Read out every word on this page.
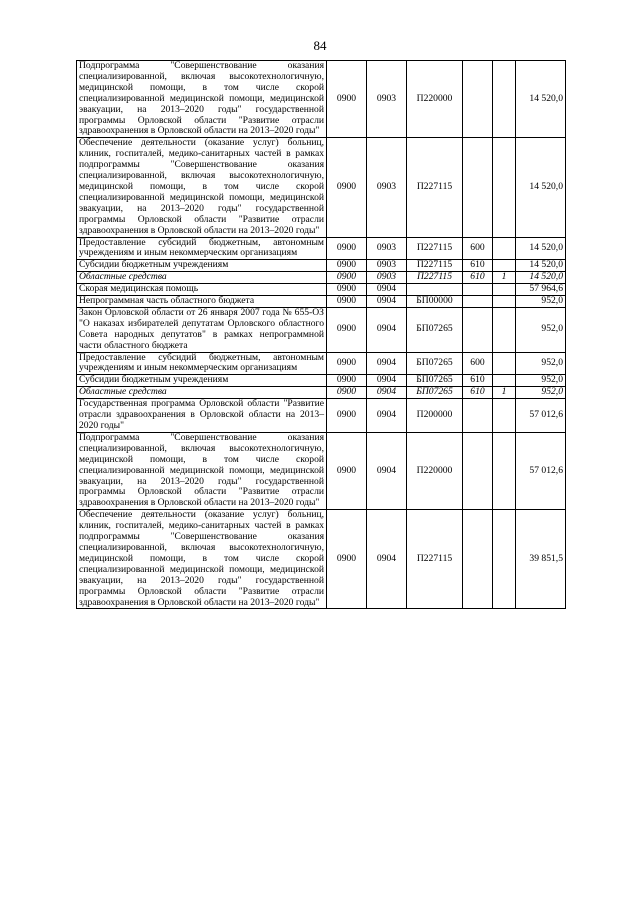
84
Подпрограмма "Совершенствование оказания специализированной, включая высокотехнологичную, медицинской помощи, в том числе скорой специализированной медицинской помощи, медицинской эвакуации, на 2013–2020 годы" государственной программы Орловской области "Развитие отрасли здравоохранения в Орловской области на 2013–2020 годы"	0900	0903	П220000			14 520,0
Обеспечение деятельности (оказание услуг) больниц, клиник, госпиталей, медико-санитарных частей в рамках подпрограммы "Совершенствование оказания специализированной, включая высокотехнологичную, медицинской помощи, в том числе скорой специализированной медицинской помощи, медицинской эвакуации, на 2013–2020 годы" государственной программы Орловской области "Развитие отрасли здравоохранения в Орловской области на 2013–2020 годы"	0900	0903	П227115			14 520,0
Предоставление субсидий бюджетным, автономным учреждениям и иным некоммерческим организациям	0900	0903	П227115	600		14 520,0
Субсидии бюджетным учреждениям	0900	0903	П227115	610		14 520,0
Областные средства	0900	0903	П227115	610	1	14 520,0
Скорая медицинская помощь	0900	0904				57 964,6
Непрограммная часть областного бюджета	0900	0904	БП00000			952,0
Закон Орловской области от 26 января 2007 года № 655-ОЗ "О наказах избирателей депутатам Орловского областного Совета народных депутатов" в рамках непрограммной части областного бюджета	0900	0904	БП07265			952,0
Предоставление субсидий бюджетным, автономным учреждениям и иным некоммерческим организациям	0900	0904	БП07265	600		952,0
Субсидии бюджетным учреждениям	0900	0904	БП07265	610		952,0
Областные средства	0900	0904	БП07265	610	1	952,0
Государственная программа Орловской области "Развитие отрасли здравоохранения в Орловской области на 2013–2020 годы"	0900	0904	П200000			57 012,6
Подпрограмма "Совершенствование оказания специализированной, включая высокотехнологичную, медицинской помощи, в том числе скорой специализированной медицинской помощи, медицинской эвакуации, на 2013–2020 годы" государственной программы Орловской области "Развитие отрасли здравоохранения в Орловской области на 2013–2020 годы"	0900	0904	П220000			57 012,6
Обеспечение деятельности (оказание услуг) больниц, клиник, госпиталей, медико-санитарных частей в рамках подпрограммы "Совершенствование оказания специализированной, включая высокотехнологичную, медицинской помощи, в том числе скорой специализированной медицинской помощи, медицинской эвакуации, на 2013–2020 годы" государственной программы Орловской области "Развитие отрасли здравоохранения в Орловской области на 2013–2020 годы"	0900	0904	П227115			39 851,5
